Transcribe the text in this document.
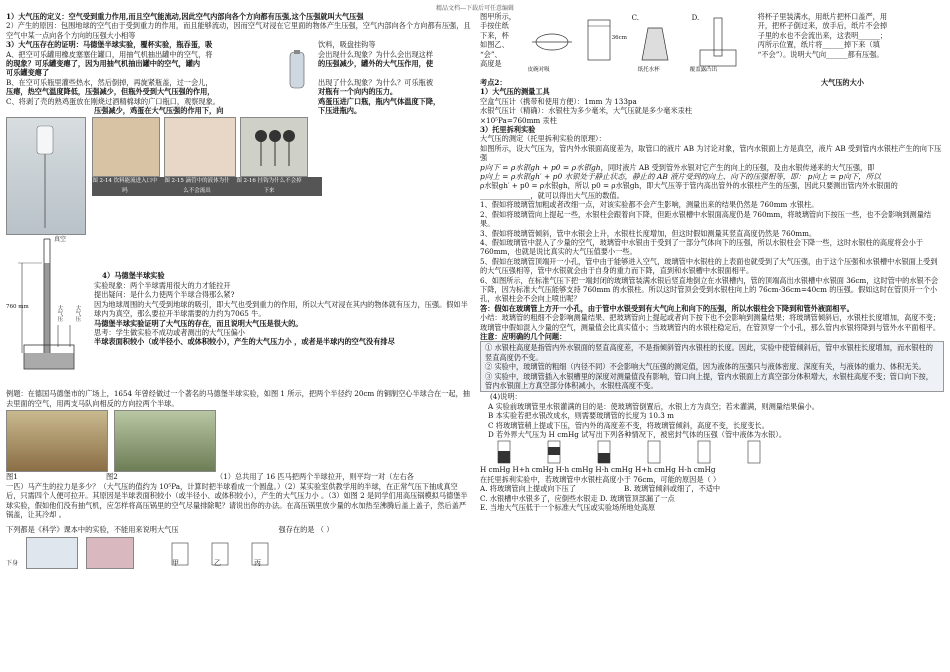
精品文档---下载后可任意编辑

1）大气压的定义：空气受到重力作用,而且空气能流动,因此空气内部向各个方向都有压强,这个压强就叫大气压强

2）产生的原因：包围地球的空气由于受到重力的作用，而且能够流动，因而空气对浸在它里面的物体产生压强，空气内部向各个方向都有压强，且空气中某一点向各个方向的压强大小相等

3）大气压存在的证明：马德堡半球实验，覆杯实验，瓶吞蛋，吸

A、把空可乐罐用橡皮塞塞住罐口，用抽气机抽出罐中的空气，将

的现象？可乐罐变瘪了，因为用抽气机抽出罐中的空气，罐内

可乐罐变瘪了

B、在空可乐瓶里灌些热水，然后倒掉，再旋紧瓶盖，过一会儿，

压瘪，热空气温度降低，压强减少，但瓶外受到大气压强的作用，

C、将剥了壳的熟鸡蛋放在刚烧过酒精棉球的广口瓶口，观察现象。

压强减少，鸡蛋在大气压强的作用下，向

饮料，吸盘挂钩等

会出现什么现象？为什么会出现这样

的压强减少，罐外的大气压作用，使

出现了什么现象？为什么？可乐瓶被

对瓶有一个向内的压力。

鸡蛋压进广口瓶，瓶内气体温度下降，

下压进瓶内。

图 2-14 饮料能流进入口中吗
图 2-15 滴管中的液体为什么不会流出
图 2-16 挂钩为什么不会掉下来
真空
760 mm	大气压	大气压

4）马德堡半球实验

实验现象：两个半球需用很大的力才能拉开

提出疑问：是什么力使两个半球合得那么紧?

因为地球周围的大气受到地球的吸引，即大气也受到重力的作用，所以大气对浸在其内的物体就有压力，压强。假如半球内为真空，那么要拉开半球需要的力约为7065 牛。

马德堡半球实验证明了大气压的存在，而且说明大气压是很大的。

思考：学生做实验不成功或者测出的大气压偏小

半球表面积较小（或半径小、或体积较小），产生的大气压力小 ，或者是半球内的空气没有排尽

例题：在德国马德堡市的广场上，1654 年曾经做过一个著名的马德堡半球实验，如图 1 所示，把两个半径约 20cm 的铜制空心半球合在一起，抽去里面的空气，用两支马队向相反的方向拉两个半球。

图1	图2	（1）总共用了 16 匹马把两个半球拉开，则平均一对（左右各

一匹）马产生的拉力是多少？（大气压的值约为 10⁵Pa，计算时把半球看成一个圆盘。）（2）某实验室供教学用的半球，在正常气压下抽成真空后，只需四个人便可拉开。其原因是半球表面积较小（或半径小、或体积较小），产生的大气压力小 。（3）如图 2 是同学们用高压锅模拟马德堡半球实验，假如他们没有抽气机，应怎样将高压锅里的空气尽量排除呢？请说出你的办法。在高压锅里放少量的水加热至沸腾后盖上盖子，然后盖严锅盖，让其冷却 。

下列都是《科学》课本中的实验，不能用来说明大气压	强存在的是 （ ）
下身	甲	乙	丙

图甲所示，

手按住纸

下来，杯

如图乙、

“会”、

高度是

皮碗对吸
36cm
C.
纸托水杯
D.
覆盖露凸出

将杯子里装满水，用纸片把杯口盖严，用

开，把杯子倒过来，放手后，纸片不会掉

子里的水也不会流出来，这表明______；

丙所示位置，纸片将______掉下来（填

“不会”）。说明大气向______都有压强。

考点2：	大气压的大小

1）大气压的测量工具

空盒气压计（携带和使用方便）：1mm 为 133pa

水银气压计（精确）：水银柱为多少毫米，大气压就是多少毫米汞柱

×10⁵Pa=760mm 汞柱

3）托里拆利实验

大气压的测定（托里拆利实验的原理）：

如图所示，设大气压为，管内外水银面高度差为，取管口的液片 AB 为讨论对象，管内水银面上方是真空，液片 AB 受到管内水银柱产生的向下压强

p向下 = ρ水银gh + p0 = ρ水银gh，同时液片 AB 受到管外水银对它产生的向上的压强，及由水银传递来的大气压强，即

p向上 = ρ水银gh′ + p0 水银处于静止状态，静止的 AB 液片受到的向上、向下的压强相等，即： p向上 = p向下，所以

ρ水银gh′ + p0 = ρ水银gh，所以 p0 = ρ水银gh，即大气压等于管内高出管外的水银柱产生的压强，因此只要测出管内外水银面的______________，就可以得出大气压的数值。

1、假如将玻璃管加粗或者改细一点，对该实验都不会产生影响，测量出来的结果仍然是 760mm 水银柱。

2、假如将玻璃管向上提起一些，水银柱会跟着向下降，但距水银槽中水银面高度仍是 760mm，将玻璃管向下按压一些，也不会影响到测量结果。

3、假如将玻璃管倾斜，管中水银会上升，水银柱长度增加，但这时假如测量其竖直高度仍然是 760mm。

4、假如玻璃管中混入了少量的空气，玻璃管中水银由于受到了一部分气体向下的压强，所以水银柱会下降一些，这时水银柱的高度将会小于 760mm，也就是说比真实的大气压值要小一些。

5、假如在玻璃管顶端开一小孔，管中由于能够进入空气，玻璃管中水银柱的上表面也就受到了大气压强，由于这个压强和水银槽中水银面上受到的大气压强相等，管中水银就会由于自身的重力而下降，直到和水银槽中水银面相平。

6、如图所示，在标准气压下把一端封闭的玻璃管装满水银后竖直地倒立在水银槽内，管的顶端高出水银槽中水银面 36cm，这时管中的水银不会下降，因为标准大气压能够支持 760mm 的水银柱。所以这时管顶会受到水银柱向上的 76cm-36cm=40cm 的压强。假如这时在管顶开一个小孔，水银柱会不会向上喷出呢？

答：假如在玻璃管上方开一小孔，由于管中水银受到有大气向上和向下的压强，所以水银柱会下降到和管外液面相平。

小结：玻璃管的粗细不会影响测量结果、把玻璃管向上提起或者向下按下也不会影响到测量结果；将玻璃管倾斜后，水银柱长度增加，高度不变；玻璃管中假如混入少量的空气，测量值会比真实值小；当玻璃管内的水银柱稳定后，在管顶穿一个小孔，那么管内水银将降到与管外水平面相平。

注意：应明确的几个问题：

① 水银柱高度是指管内外水银面的竖直高度差，不是指倾斜管内水银柱的长度。因此，实验中使管倾斜后，管中水银柱长度增加，而水银柱的竖直高度仍不变。

② 实验中，玻璃管的粗细（内径不同）不会影响大气压强的测定值，因为液体的压强只与液体密度、深度有关，与液体的重力、体积无关。

③ 实验中，玻璃管插入水银槽里的深度对测量值没有影响，管口向上提，管内水银面上方真空部分体积增大，水银柱高度不变；管口向下按，管内水银面上方真空部分体积减小，水银柱高度不变。

(4)说明：

A 实验前玻璃管里水银灌满的目的是：使玻璃管倒置后，水银上方为真空；若未灌满，则测量结果偏小。

B 本实验若把水银改成水，则需要玻璃管的长度为 10.3 m

C 将玻璃管稍上提或下压，管内外的高度差不变，将玻璃管倾斜，高度不变，长度变长。

D 若外界大气压为 H cmHg 试写出下列各种情况下，被密封气体的压强（管中液体为水银）。

H cmHg H+h cmHg H-h cmHg H-h cmHg H+h cmHg H-h cmHg

在托里拆利实验中，若玻璃管中水银柱高度小于 76cm，可能的原因是（ ）

A. 将玻璃管向上提或向下压了	B. 玻璃管倾斜或细了，不适中

C. 水银槽中水银多了，应倒些水银走 D. 玻璃管顶部漏了一点

E. 当地大气压低于一个标准大气压或实验场所地处高原
